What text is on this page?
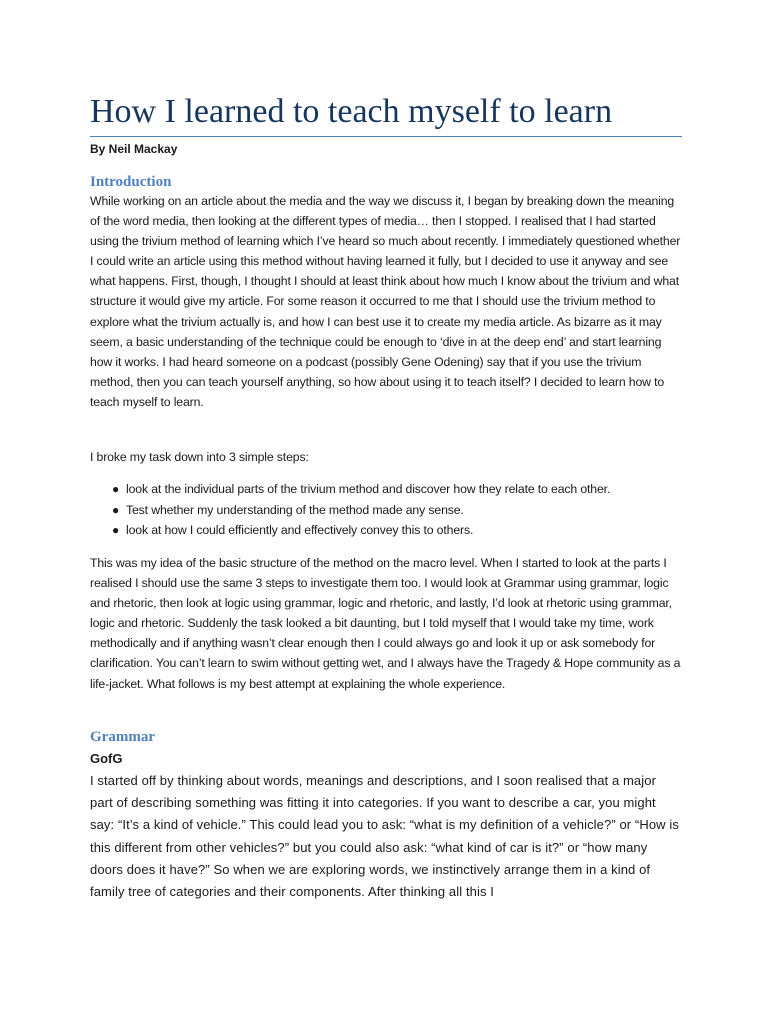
How I learned to teach myself to learn
By Neil Mackay
Introduction

While working on an article about the media and the way we discuss it, I began by breaking down the meaning of the word media, then looking at the different types of media… then I stopped. I realised that I had started using the trivium method of learning which I’ve heard so much about recently. I immediately questioned whether I could write an article using this method without having learned it fully, but I decided to use it anyway and see what happens. First, though, I thought I should at least think about how much I know about the trivium and what structure it would give my article. For some reason it occurred to me that I should use the trivium method to explore what the trivium actually is, and how I can best use it to create my media article. As bizarre as it may seem, a basic understanding of the technique could be enough to ‘dive in at the deep end’ and start learning how it works. I had heard someone on a podcast (possibly Gene Odening) say that if you use the trivium method, then you can teach yourself anything, so how about using it to teach itself? I decided to learn how to teach myself to learn.

I broke my task down into 3 simple steps:

● look at the individual parts of the trivium method and discover how they relate to each other.
● Test whether my understanding of the method made any sense.
● look at how I could efficiently and effectively convey this to others.

This was my idea of the basic structure of the method on the macro level. When I started to look at the parts I realised I should use the same 3 steps to investigate them too. I would look at Grammar using grammar, logic and rhetoric, then look at logic using grammar, logic and rhetoric, and lastly, I’d look at rhetoric using grammar, logic and rhetoric. Suddenly the task looked a bit daunting, but I told myself that I would take my time, work methodically and if anything wasn’t clear enough then I could always go and look it up or ask somebody for clarification. You can’t learn to swim without getting wet, and I always have the Tragedy & Hope community as a life-jacket. What follows is my best attempt at explaining the whole experience.

Grammar
GofG

I started off by thinking about words, meanings and descriptions, and I soon realised that a major part of describing something was fitting it into categories. If you want to describe a car, you might say: “It’s a kind of vehicle.” This could lead you to ask: “what is my definition of a vehicle?” or “How is this different from other vehicles?” but you could also ask: “what kind of car is it?” or “how many doors does it have?” So when we are exploring words, we instinctively arrange them in a kind of family tree of categories and their components. After thinking all this I
